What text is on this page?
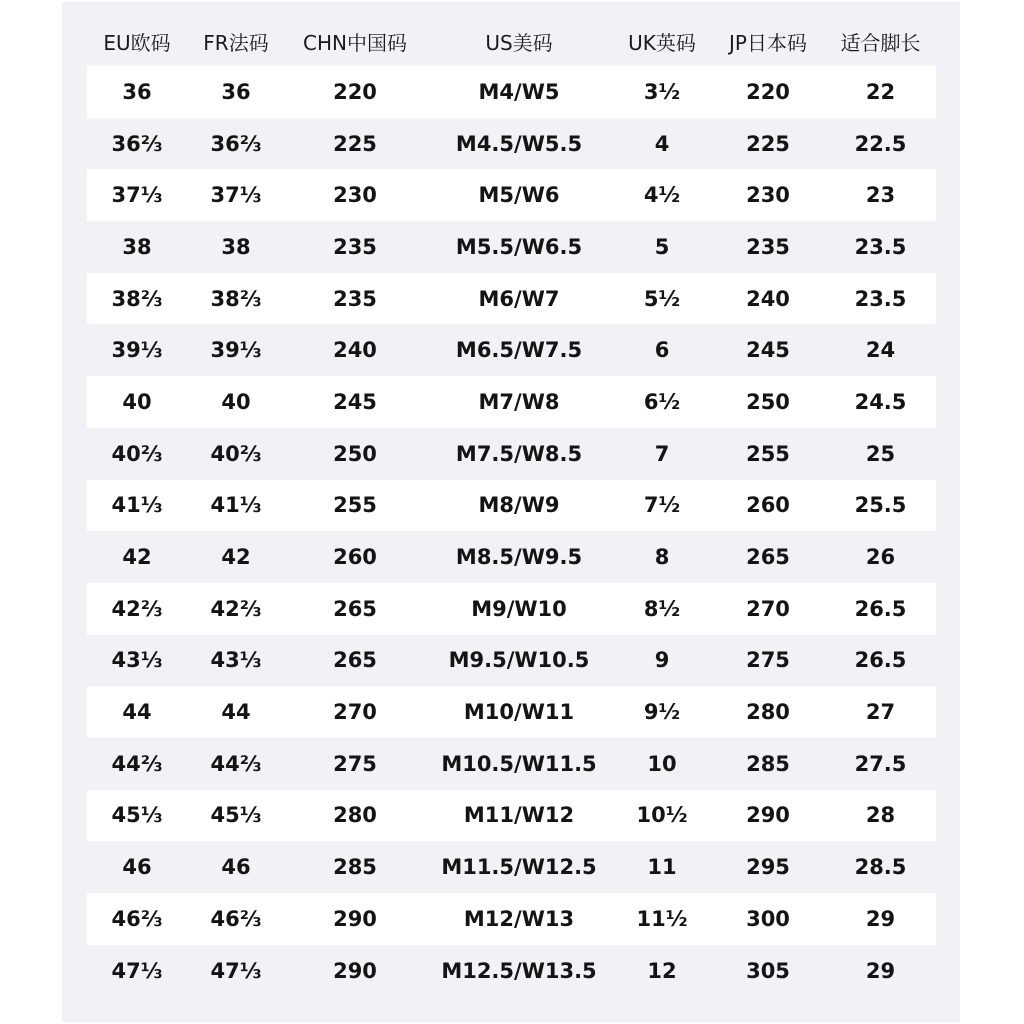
EU欧码	FR法码	CHN中国码	US美码	UK英码	JP日本码	适合脚长
36	36	220	M4/W5	3½	220	22
36⅔	36⅔	225	M4.5/W5.5	4	225	22.5
37⅓	37⅓	230	M5/W6	4½	230	23
38	38	235	M5.5/W6.5	5	235	23.5
38⅔	38⅔	235	M6/W7	5½	240	23.5
39⅓	39⅓	240	M6.5/W7.5	6	245	24
40	40	245	M7/W8	6½	250	24.5
40⅔	40⅔	250	M7.5/W8.5	7	255	25
41⅓	41⅓	255	M8/W9	7½	260	25.5
42	42	260	M8.5/W9.5	8	265	26
42⅔	42⅔	265	M9/W10	8½	270	26.5
43⅓	43⅓	265	M9.5/W10.5	9	275	26.5
44	44	270	M10/W11	9½	280	27
44⅔	44⅔	275	M10.5/W11.5	10	285	27.5
45⅓	45⅓	280	M11/W12	10½	290	28
46	46	285	M11.5/W12.5	11	295	28.5
46⅔	46⅔	290	M12/W13	11½	300	29
47⅓	47⅓	290	M12.5/W13.5	12	305	29
